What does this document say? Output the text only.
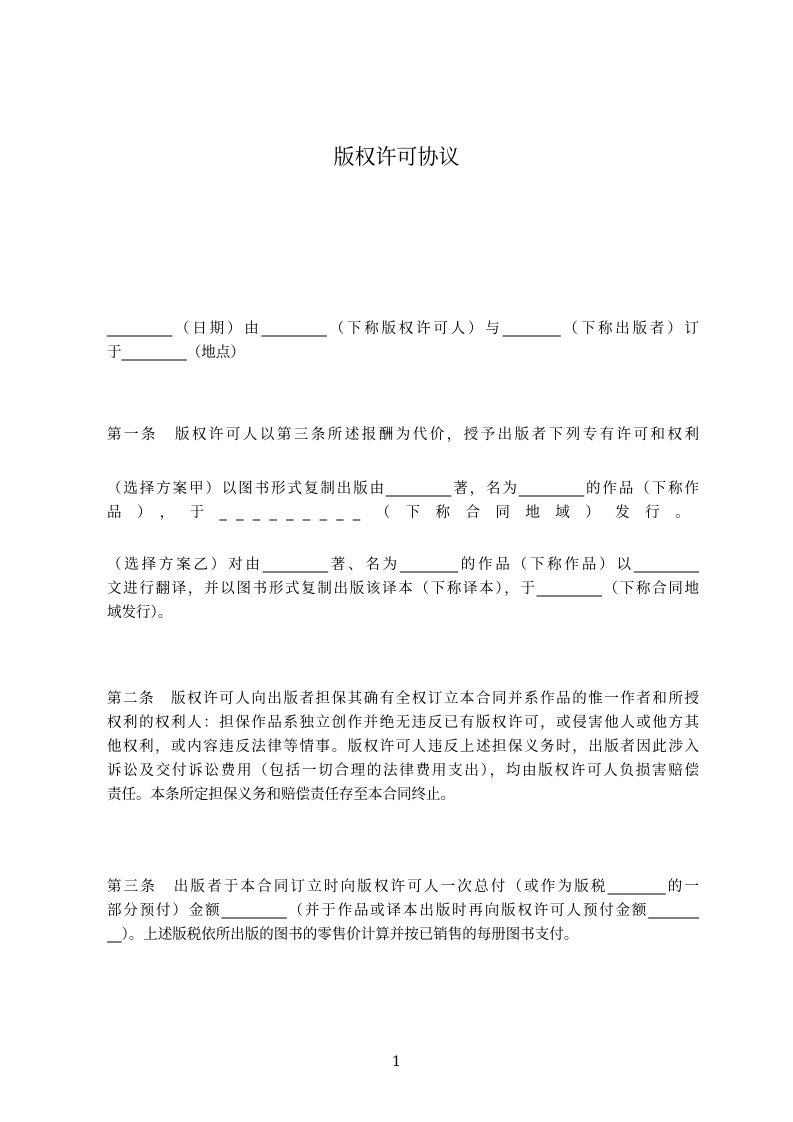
版权许可协议
_________（日期）由_________（下称版权许可人）与________（下称出版者）订
于_________（地点）
第一条　版权许可人以第三条所述报酬为代价，授予出版者下列专有许可和权利
（选择方案甲）以图书形式复制出版由_________著，名为_________的作品（下称作
品），于_________（下称合同地域）发行。
（选择方案乙）对由_________著、名为________的作品（下称作品）以_________
文进行翻译，并以图书形式复制出版该译本（下称译本），于_________（下称合同地
域发行）。
第二条　版权许可人向出版者担保其确有全权订立本合同并系作品的惟一作者和所授
权利的权利人：担保作品系独立创作并绝无违反已有版权许可，或侵害他人或他方其
他权利，或内容违反法律等情事。版权许可人违反上述担保义务时，出版者因此涉入
诉讼及交付诉讼费用（包括一切合理的法律费用支出），均由版权许可人负损害赔偿
责任。本条所定担保义务和赔偿责任存至本合同终止。
第三条　出版者于本合同订立时向版权许可人一次总付（或作为版税________的一
部分预付）金额_________（并于作品或译本出版时再向版权许可人预付金额_______
__）。上述版税依所出版的图书的零售价计算并按已销售的每册图书支付。
1
